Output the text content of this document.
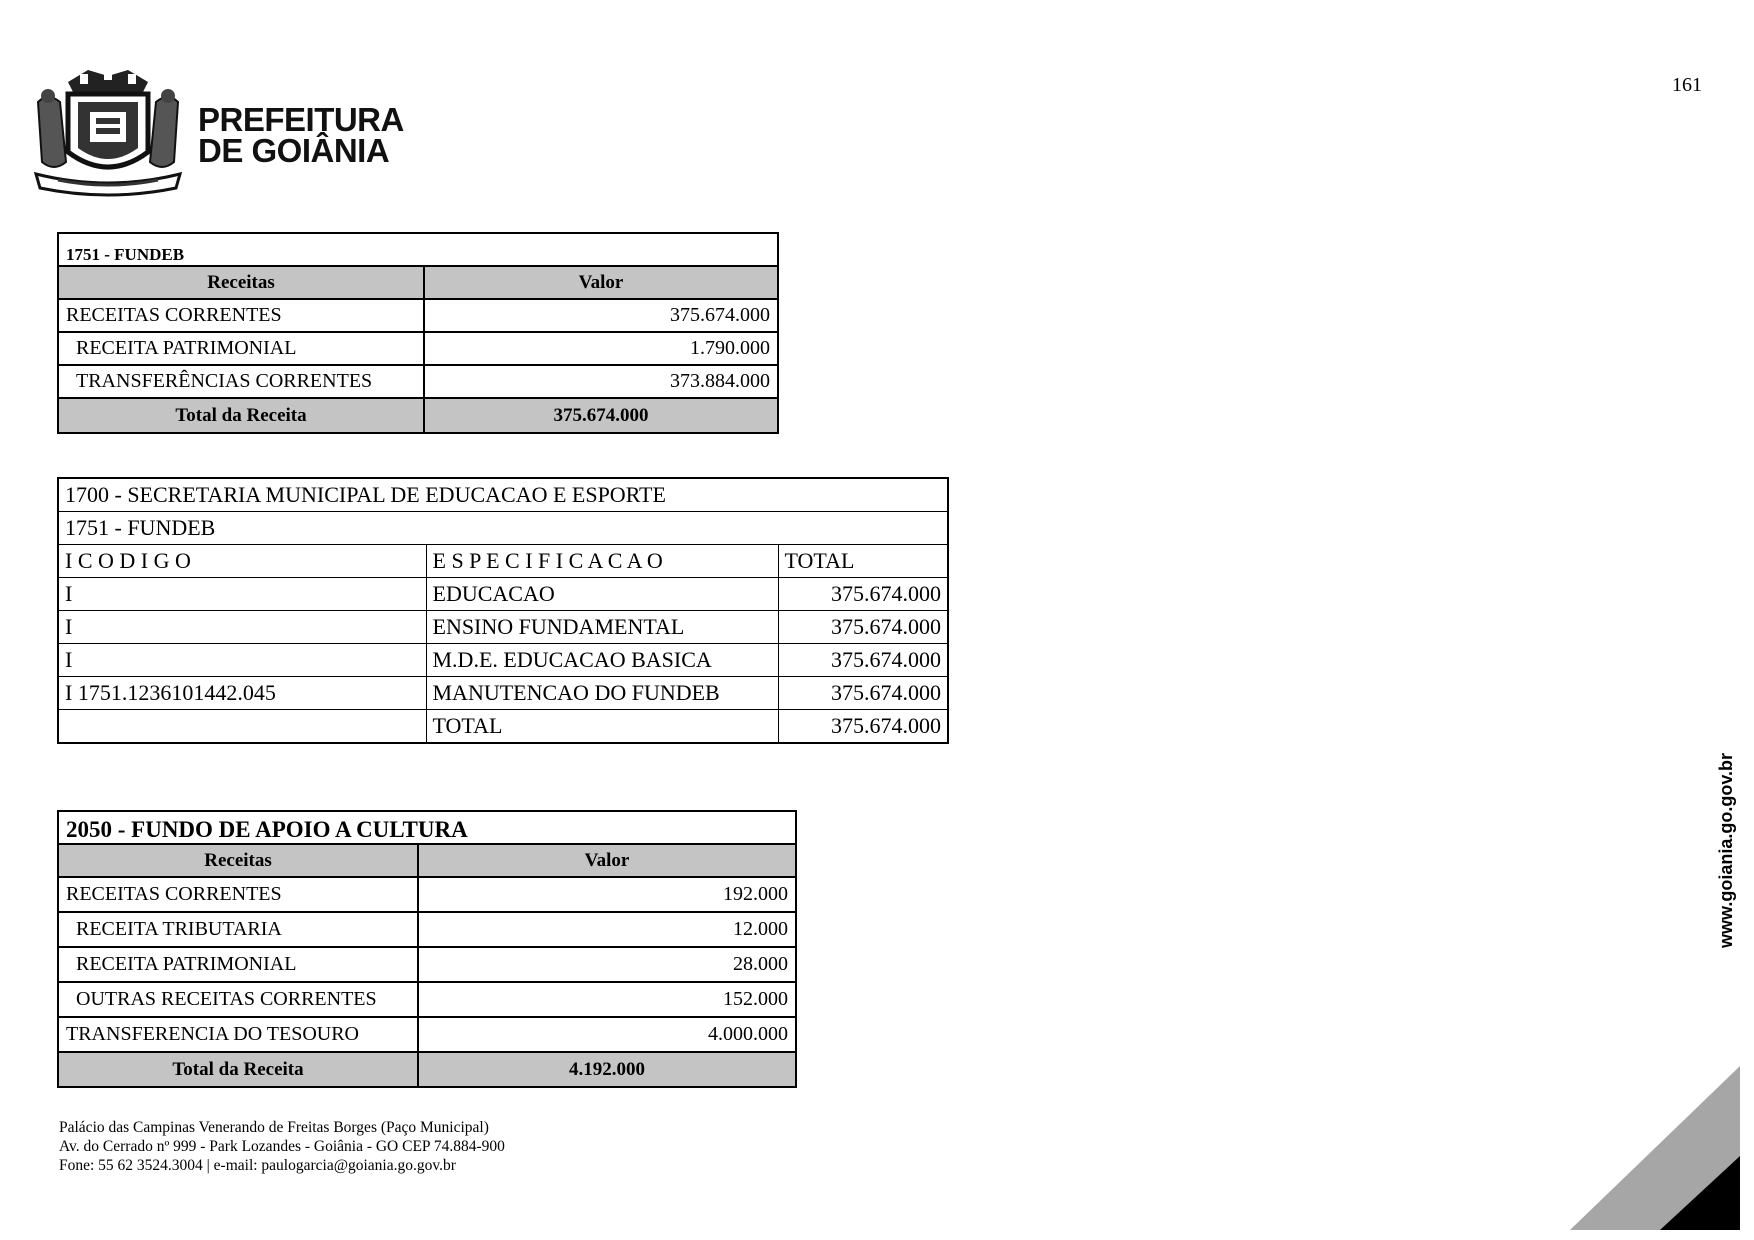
161
PREFEITURA
DE GOIÂNIA
1751 - FUNDEB	
Receitas	Valor
RECEITAS CORRENTES	375.674.000
RECEITA PATRIMONIAL	1.790.000
TRANSFERÊNCIAS CORRENTES	373.884.000
Total da Receita	375.674.000
1700 - SECRETARIA MUNICIPAL DE EDUCACAO E ESPORTE		
1751 - FUNDEB		
I C O D I G O	E S P E C I F I C A C A O	TOTAL
I	EDUCACAO	375.674.000
I	ENSINO FUNDAMENTAL	375.674.000
I	M.D.E. EDUCACAO BASICA	375.674.000
I 1751.1236101442.045	MANUTENCAO DO FUNDEB	375.674.000
	TOTAL	375.674.000
2050 - FUNDO DE APOIO A CULTURA	
Receitas	Valor
RECEITAS CORRENTES	192.000
RECEITA TRIBUTARIA	12.000
RECEITA PATRIMONIAL	28.000
OUTRAS RECEITAS CORRENTES	152.000
TRANSFERENCIA DO TESOURO	4.000.000
Total da Receita	4.192.000
Palácio das Campinas Venerando de Freitas Borges (Paço Municipal)
Av. do Cerrado nº 999 - Park Lozandes - Goiânia - GO CEP 74.884-900
Fone: 55 62 3524.3004 | e-mail: paulogarcia@goiania.go.gov.br
www.goiania.go.gov.br
